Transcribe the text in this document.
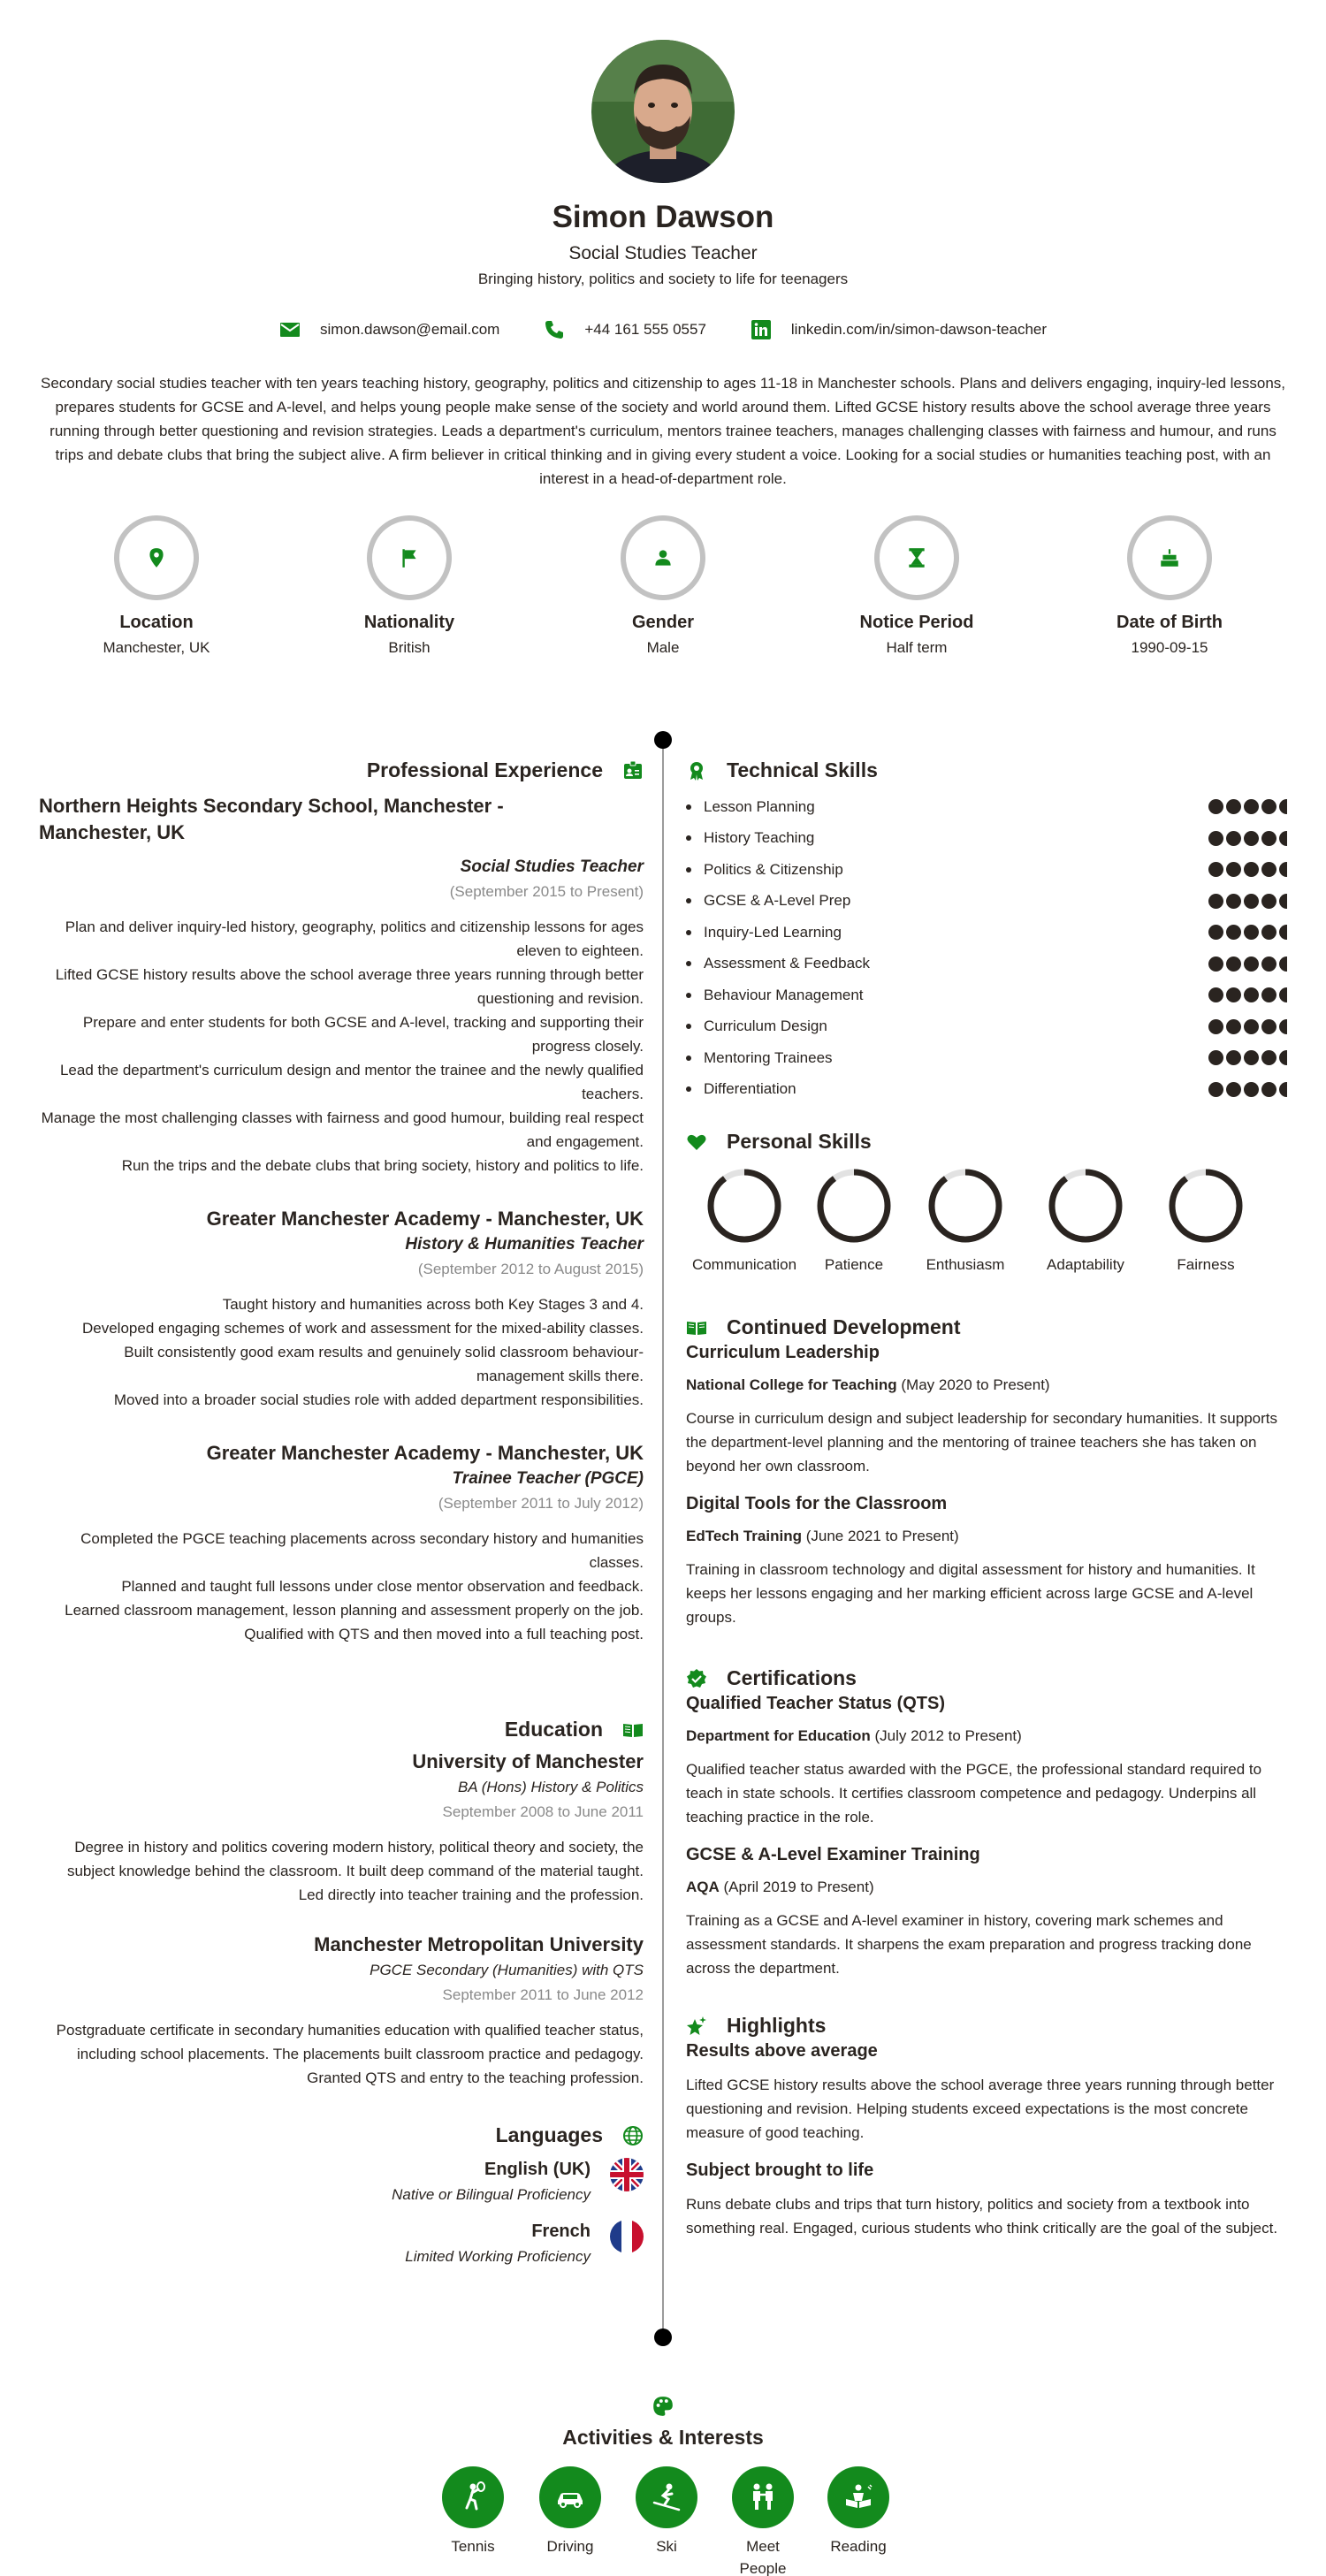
Simon Dawson
Social Studies Teacher
Bringing history, politics and society to life for teenagers
simon.dawson@email.com	+44 161 555 0557	linkedin.com/in/simon-dawson-teacher
Secondary social studies teacher with ten years teaching history, geography, politics and citizenship to ages 11-18 in Manchester schools. Plans and delivers engaging, inquiry-led lessons, prepares students for GCSE and A-level, and helps young people make sense of the society and world around them. Lifted GCSE history results above the school average three years running through better questioning and revision strategies. Leads a department's curriculum, mentors trainee teachers, manages challenging classes with fairness and humour, and runs trips and debate clubs that bring the subject alive. A firm believer in critical thinking and in giving every student a voice. Looking for a social studies or humanities teaching post, with an interest in a head-of-department role.
Location
Manchester, UK
Nationality
British
Gender
Male
Notice Period
Half term
Date of Birth
1990-09-15
Professional Experience
Northern Heights Secondary School, Manchester - Manchester, UK
Social Studies Teacher
(September 2015 to Present)
Plan and deliver inquiry-led history, geography, politics and citizenship lessons for ages eleven to eighteen.
Lifted GCSE history results above the school average three years running through better questioning and revision.
Prepare and enter students for both GCSE and A-level, tracking and supporting their progress closely.
Lead the department's curriculum design and mentor the trainee and the newly qualified teachers.
Manage the most challenging classes with fairness and good humour, building real respect and engagement.
Run the trips and the debate clubs that bring society, history and politics to life.
Greater Manchester Academy - Manchester, UK
History & Humanities Teacher
(September 2012 to August 2015)
Taught history and humanities across both Key Stages 3 and 4.
Developed engaging schemes of work and assessment for the mixed-ability classes.
Built consistently good exam results and genuinely solid classroom behaviour-management skills there.
Moved into a broader social studies role with added department responsibilities.
Greater Manchester Academy - Manchester, UK
Trainee Teacher (PGCE)
(September 2011 to July 2012)
Completed the PGCE teaching placements across secondary history and humanities classes.
Planned and taught full lessons under close mentor observation and feedback.
Learned classroom management, lesson planning and assessment properly on the job.
Qualified with QTS and then moved into a full teaching post.
Education
University of Manchester
BA (Hons) History & Politics
September 2008 to June 2011
Degree in history and politics covering modern history, political theory and society, the subject knowledge behind the classroom. It built deep command of the material taught. Led directly into teacher training and the profession.
Manchester Metropolitan University
PGCE Secondary (Humanities) with QTS
September 2011 to June 2012
Postgraduate certificate in secondary humanities education with qualified teacher status, including school placements. The placements built classroom practice and pedagogy. Granted QTS and entry to the teaching profession.
Languages
English (UK)
Native or Bilingual Proficiency
French
Limited Working Proficiency
Technical Skills
Lesson Planning
History Teaching
Politics & Citizenship
GCSE & A-Level Prep
Inquiry-Led Learning
Assessment & Feedback
Behaviour Management
Curriculum Design
Mentoring Trainees
Differentiation
Personal Skills
Communication	Patience	Enthusiasm	Adaptability	Fairness
Continued Development
Curriculum Leadership
National College for Teaching (May 2020 to Present)
Course in curriculum design and subject leadership for secondary humanities. It supports the department-level planning and the mentoring of trainee teachers she has taken on beyond her own classroom.
Digital Tools for the Classroom
EdTech Training (June 2021 to Present)
Training in classroom technology and digital assessment for history and humanities. It keeps her lessons engaging and her marking efficient across large GCSE and A-level groups.
Certifications
Qualified Teacher Status (QTS)
Department for Education (July 2012 to Present)
Qualified teacher status awarded with the PGCE, the professional standard required to teach in state schools. It certifies classroom competence and pedagogy. Underpins all teaching practice in the role.
GCSE & A-Level Examiner Training
AQA (April 2019 to Present)
Training as a GCSE and A-level examiner in history, covering mark schemes and assessment standards. It sharpens the exam preparation and progress tracking done across the department.
Highlights
Results above average
Lifted GCSE history results above the school average three years running through better questioning and revision. Helping students exceed expectations is the most concrete measure of good teaching.
Subject brought to life
Runs debate clubs and trips that turn history, politics and society from a textbook into something real. Engaged, curious students who think critically are the goal of the subject.
Activities & Interests
Tennis	Driving	Ski	Meet People
Reading
